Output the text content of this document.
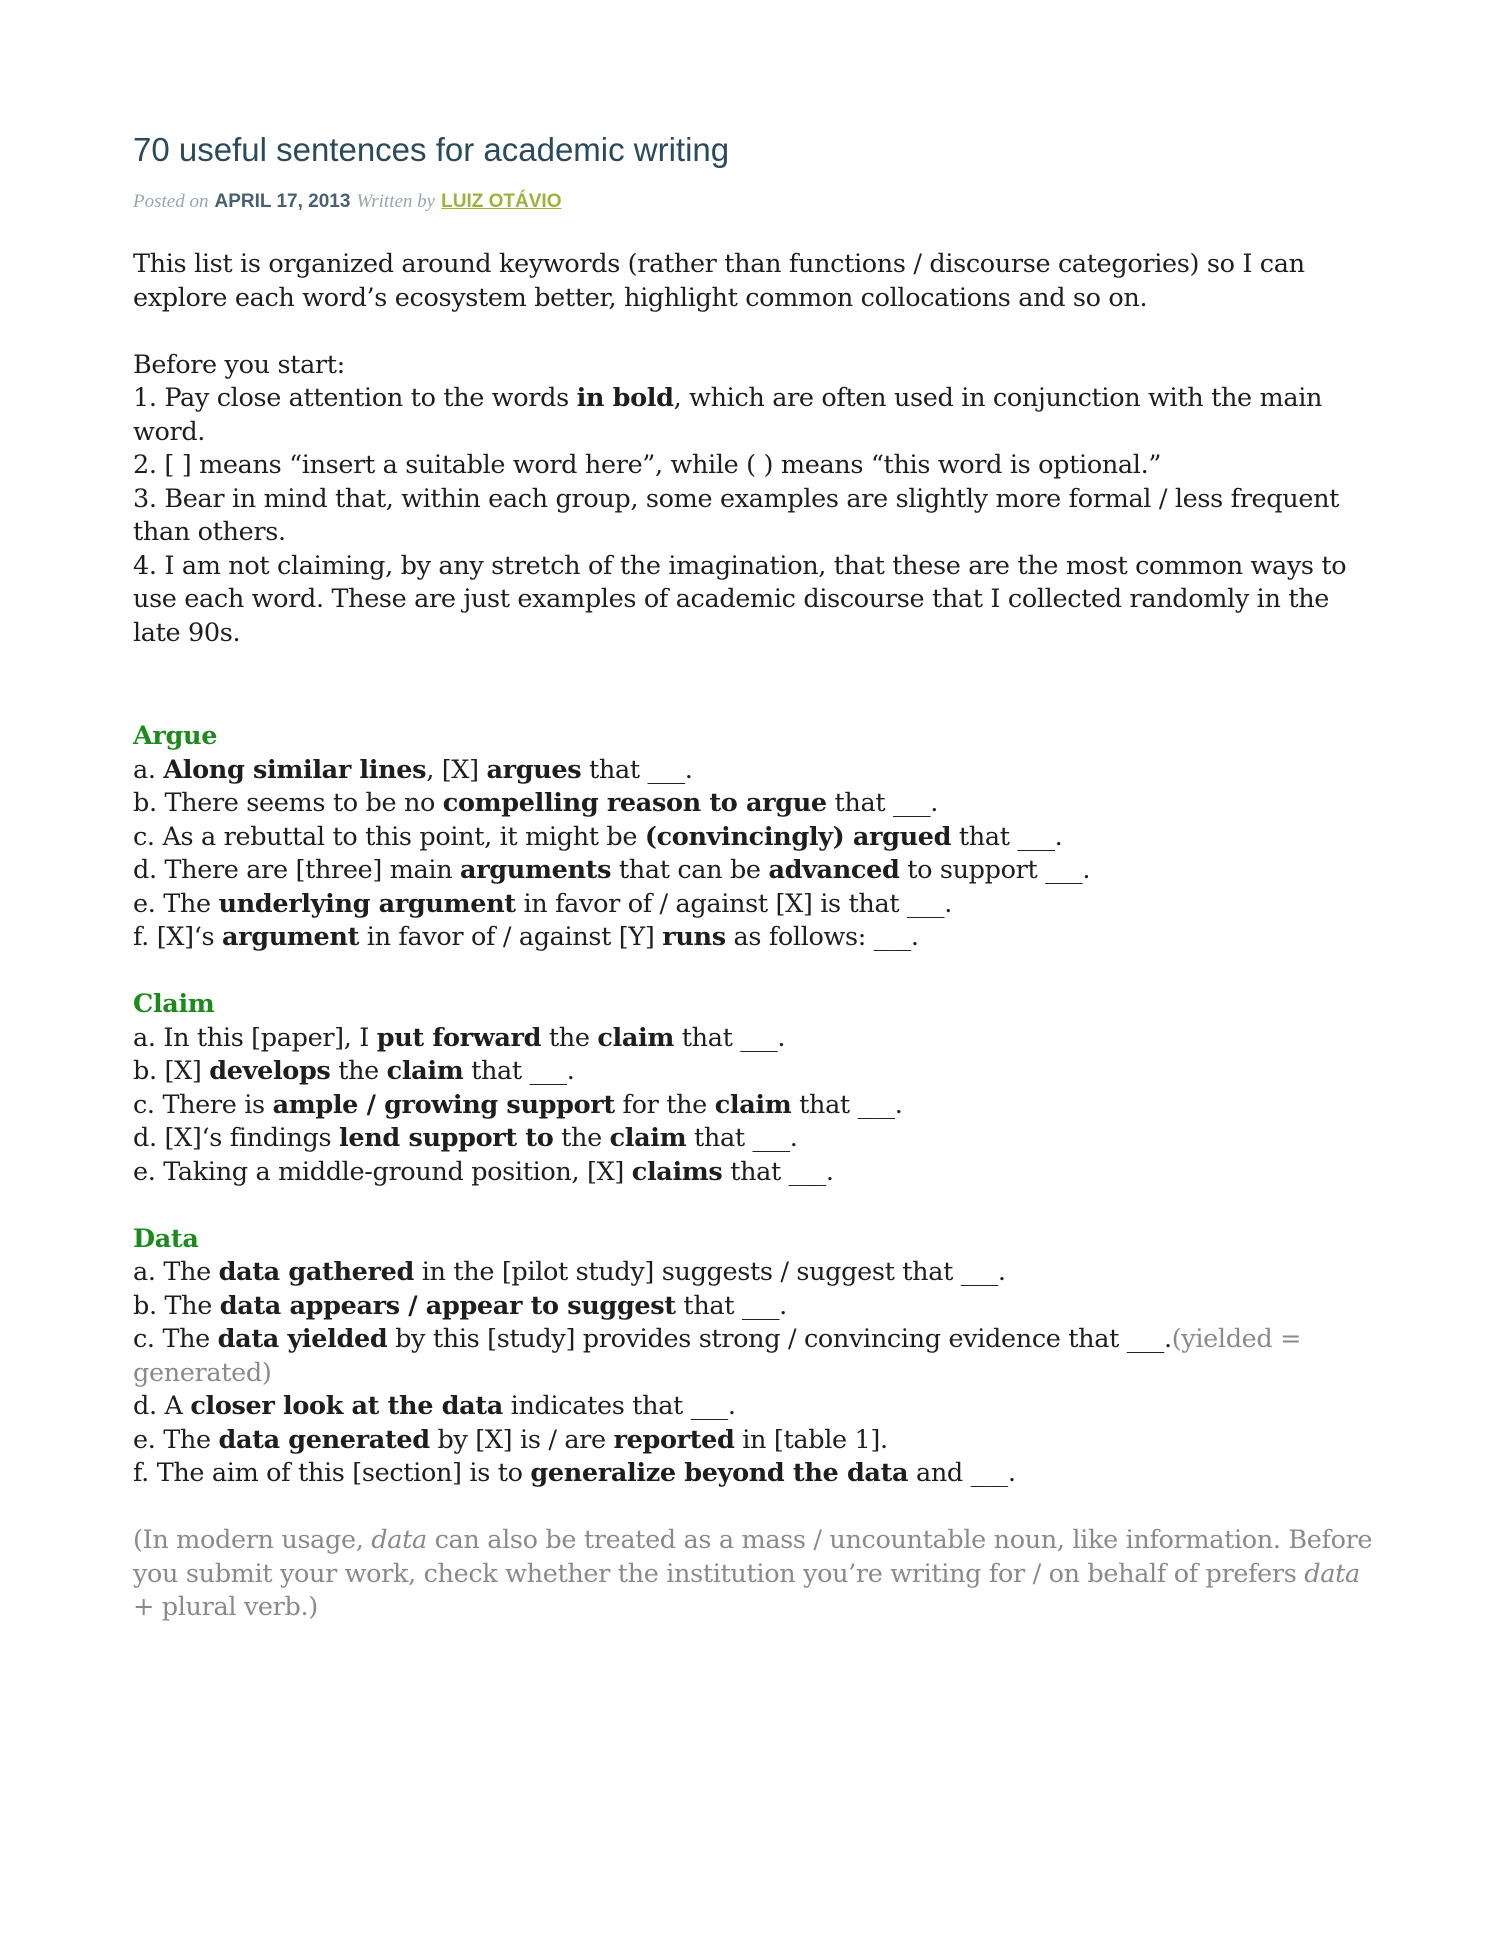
70 useful sentences for academic writing
Posted on APRIL 17, 2013 Written by LUIZ OTÁVIO

This list is organized around keywords (rather than functions / discourse categories) so I can explore each word’s ecosystem better, highlight common collocations and so on.

Before you start:

1. Pay close attention to the words in bold, which are often used in conjunction with the main word.

2. [ ] means “insert a suitable word here”, while ( ) means “this word is optional.”

3. Bear in mind that, within each group, some examples are slightly more formal / less frequent than others.

4. I am not claiming, by any stretch of the imagination, that these are the most common ways to use each word. These are just examples of academic discourse that I collected randomly in the late 90s.

Argue

a. Along similar lines, [X] argues that ___.

b. There seems to be no compelling reason to argue that ___.

c. As a rebuttal to this point, it might be (convincingly) argued that ___.

d. There are [three] main arguments that can be advanced to support ___.

e. The underlying argument in favor of / against [X] is that ___.

f. [X]‘s argument in favor of / against [Y] runs as follows: ___.

Claim

a. In this [paper], I put forward the claim that ___.

b. [X] develops the claim that ___.

c. There is ample / growing support for the claim that ___.

d. [X]‘s findings lend support to the claim that ___.

e. Taking a middle-ground position, [X] claims that ___.

Data

a. The data gathered in the [pilot study] suggests / suggest that ___.

b. The data appears / appear to suggest that ___.

c. The data yielded by this [study] provides strong / convincing evidence that ___.(yielded = generated)

d. A closer look at the data indicates that ___.

e. The data generated by [X] is / are reported in [table 1].

f. The aim of this [section] is to generalize beyond the data and ___.

(In modern usage, data can also be treated as a mass / uncountable noun, like information. Before you submit your work, check whether the institution you’re writing for / on behalf of prefers data + plural verb.)
